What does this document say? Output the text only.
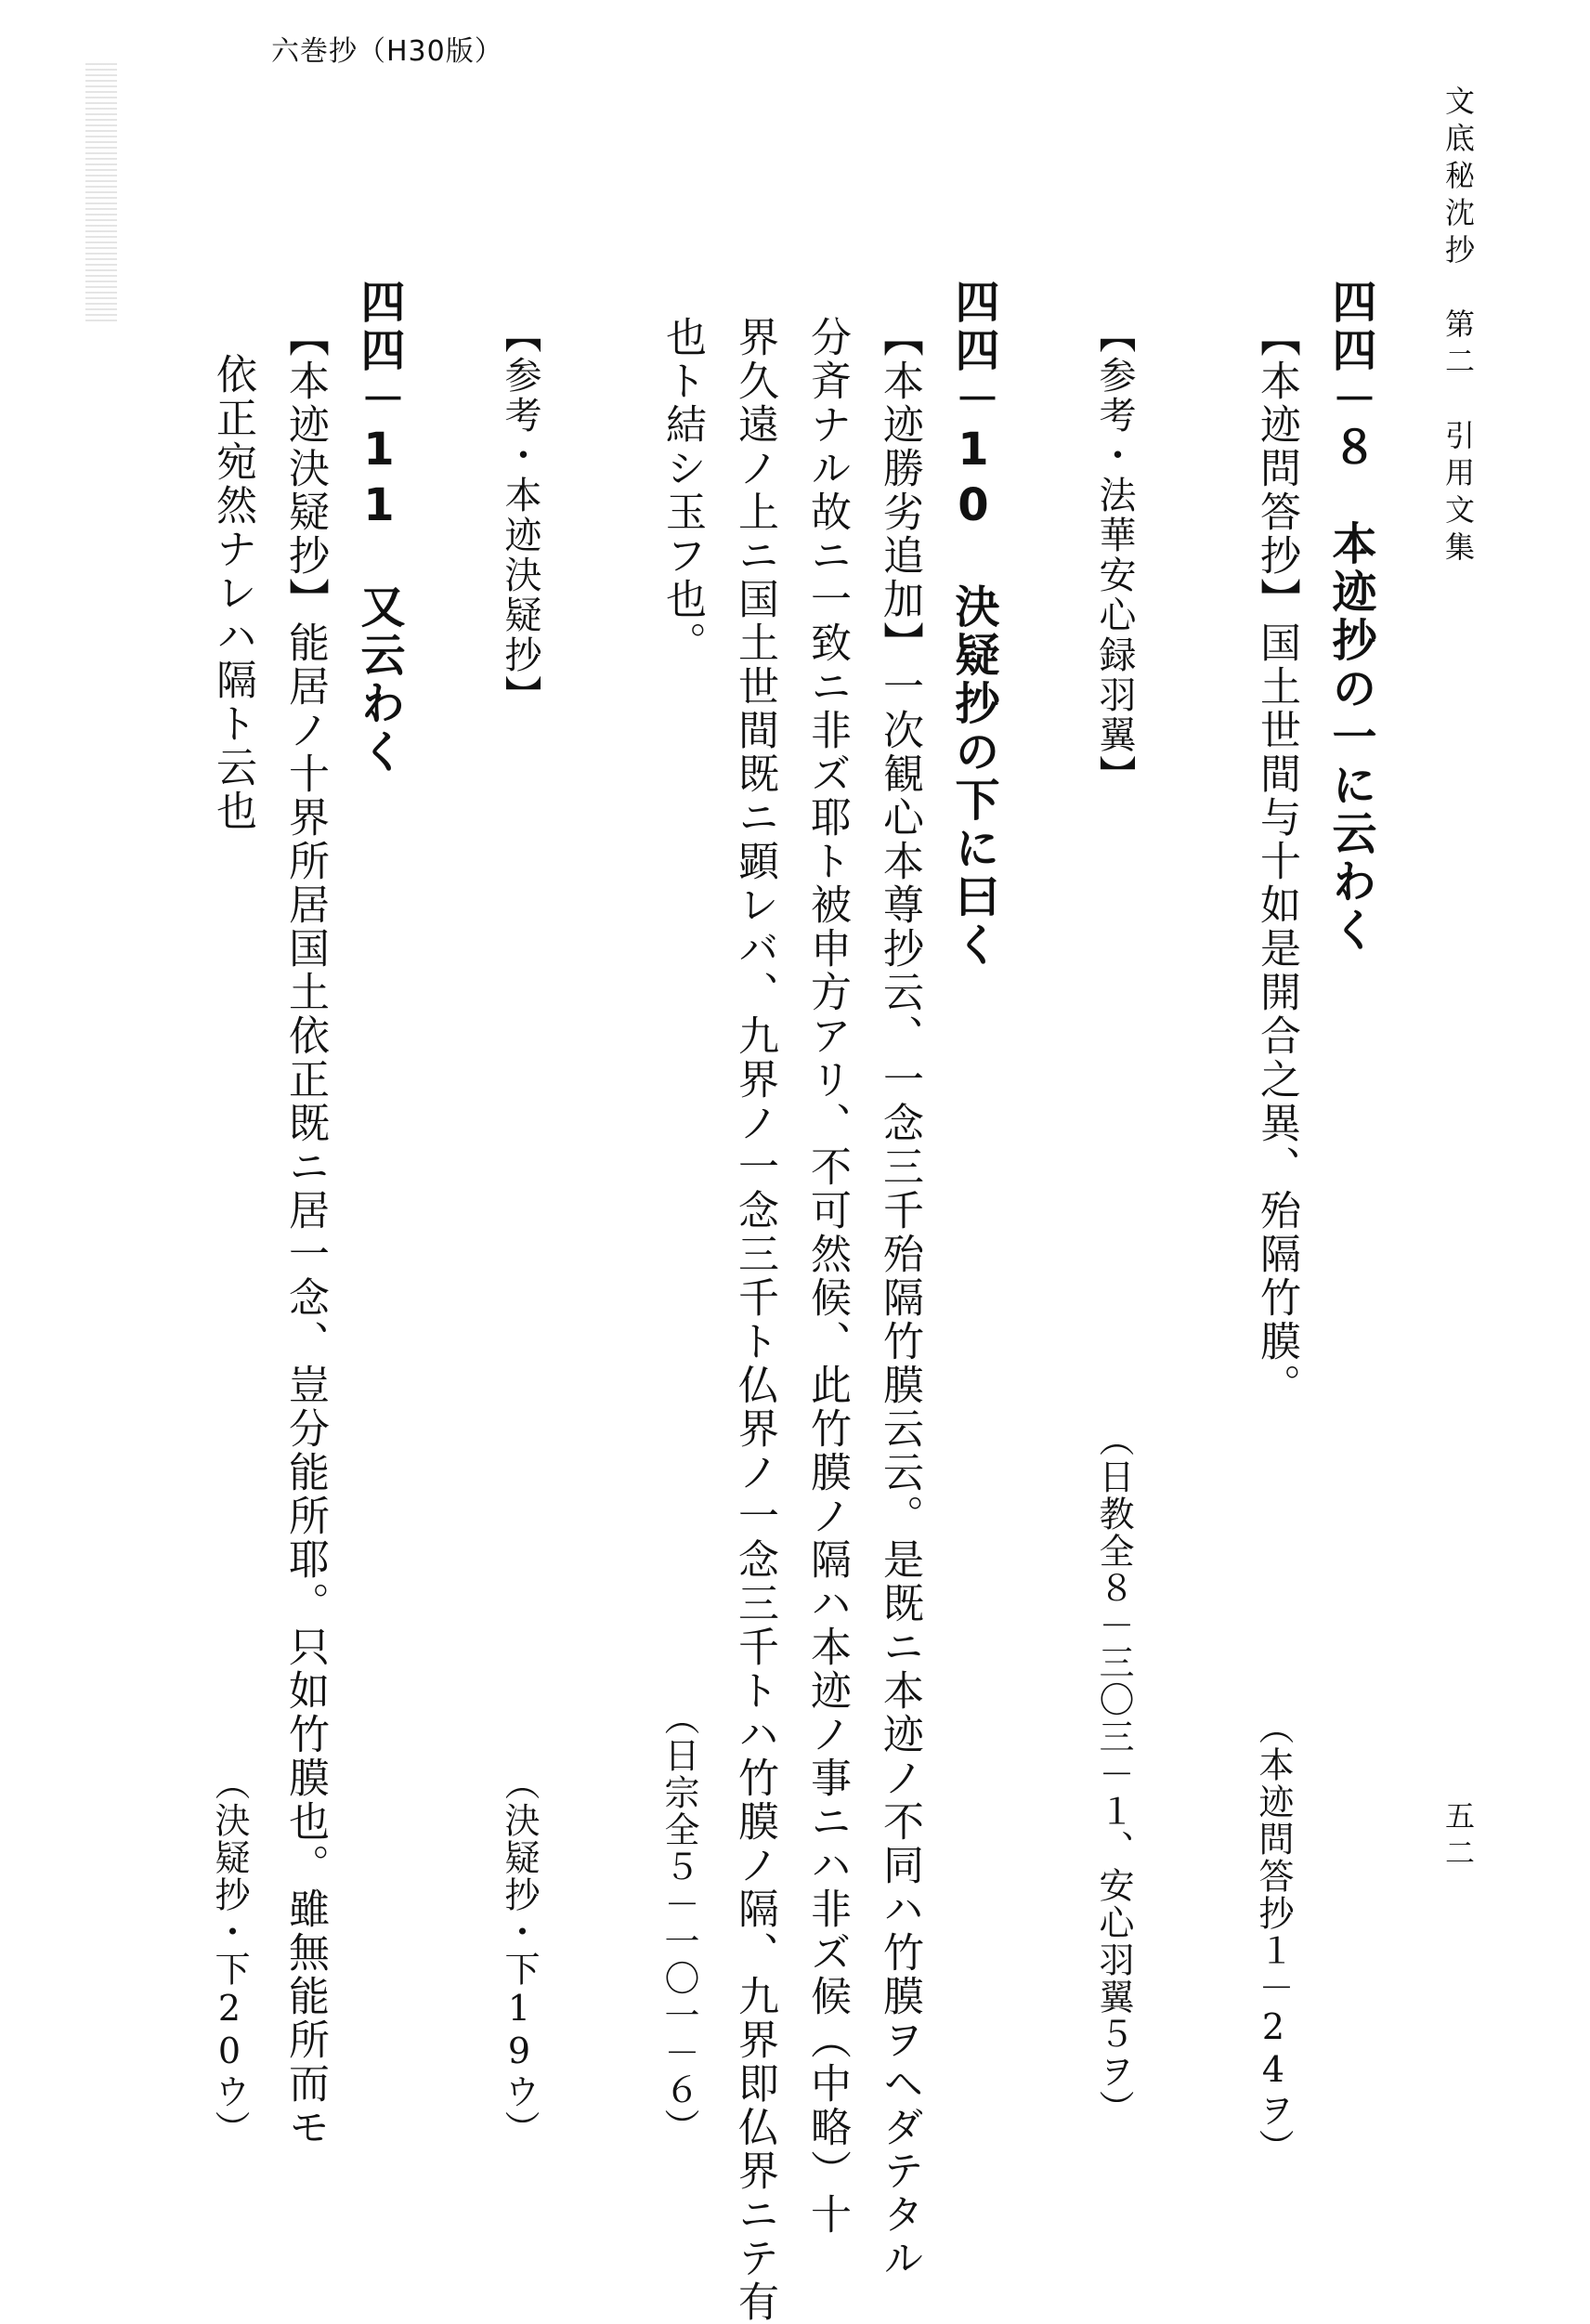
六巻抄（H30版）
文底秘沈抄　第二　引用文集
五二
四四－８　本迹抄の一に云わく
【本迹問答抄】国土世間与十如是開合之異、殆隔竹膜。
（本迹問答抄１－24ヲ）
【参考・法華安心録羽翼】
（日教全８－三〇三－１、安心羽翼５ヲ）
四四－10　決疑抄の下に曰く
【本迹勝劣追加】一次観心本尊抄云、一念三千殆隔竹膜云云。是既ニ本迹ノ不同ハ竹膜ヲヘダテタル
分斉ナル故ニ一致ニ非ズ耶ト被申方アリ、不可然候、此竹膜ノ隔ハ本迹ノ事ニハ非ズ候（中略）十
界久遠ノ上ニ国土世間既ニ顕レバ、九界ノ一念三千ト仏界ノ一念三千トハ竹膜ノ隔、九界即仏界ニテ有
也ト結シ玉フ也。
（日宗全５－一〇一－６）
【参考・本迹決疑抄】
（決疑抄・下19ウ）
四四－11　又云わく
【本迹決疑抄】能居ノ十界所居国土依正既ニ居一念、豈分能所耶。只如竹膜也。雖無能所而モ
依正宛然ナレハ隔ト云也
（決疑抄・下20ウ）
